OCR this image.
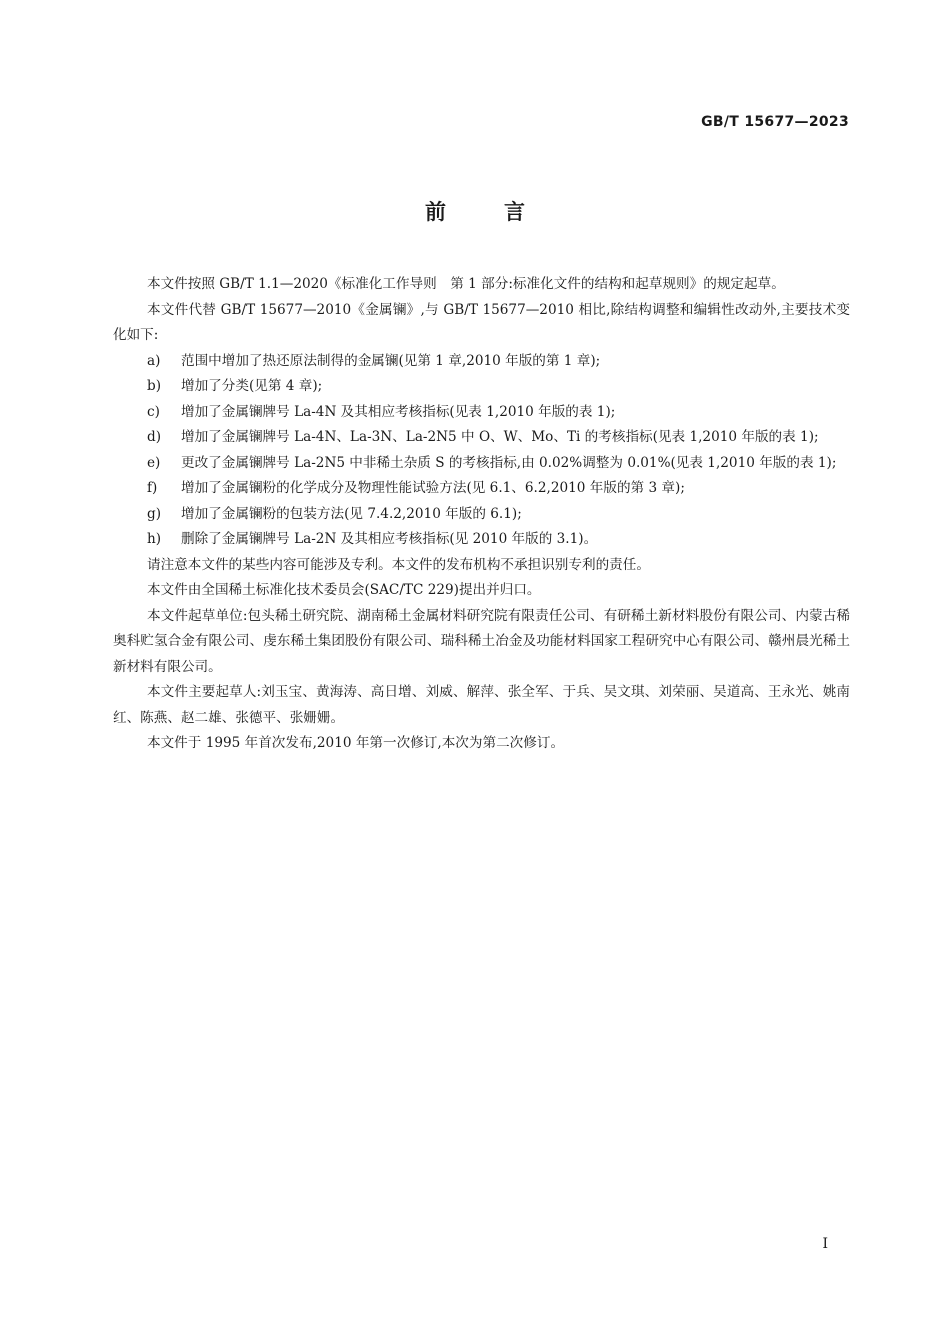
GB/T 15677—2023
前言

本文件按照 GB/T 1.1—2020《标准化工作导则　第 1 部分:标准化文件的结构和起草规则》的规定起草。

本文件代替 GB/T 15677—2010《金属镧》,与 GB/T 15677—2010 相比,除结构调整和编辑性改动外,主要技术变化如下:

a) 范围中增加了热还原法制得的金属镧(见第 1 章,2010 年版的第 1 章);

b) 增加了分类(见第 4 章);

c) 增加了金属镧牌号 La-4N 及其相应考核指标(见表 1,2010 年版的表 1);

d) 增加了金属镧牌号 La-4N、La-3N、La-2N5 中 O、W、Mo、Ti 的考核指标(见表 1,2010 年版的表 1);

e) 更改了金属镧牌号 La-2N5 中非稀土杂质 S 的考核指标,由 0.02%调整为 0.01%(见表 1,2010 年版的表 1);

f) 增加了金属镧粉的化学成分及物理性能试验方法(见 6.1、6.2,2010 年版的第 3 章);

g) 增加了金属镧粉的包装方法(见 7.4.2,2010 年版的 6.1);

h) 删除了金属镧牌号 La-2N 及其相应考核指标(见 2010 年版的 3.1)。

请注意本文件的某些内容可能涉及专利。本文件的发布机构不承担识别专利的责任。

本文件由全国稀土标准化技术委员会(SAC/TC 229)提出并归口。

本文件起草单位:包头稀土研究院、湖南稀土金属材料研究院有限责任公司、有研稀土新材料股份有限公司、内蒙古稀奥科贮氢合金有限公司、虔东稀土集团股份有限公司、瑞科稀土冶金及功能材料国家工程研究中心有限公司、赣州晨光稀土新材料有限公司。

本文件主要起草人:刘玉宝、黄海涛、高日增、刘威、解萍、张全军、于兵、吴文琪、刘荣丽、吴道高、王永光、姚南红、陈燕、赵二雄、张德平、张姗姗。

本文件于 1995 年首次发布,2010 年第一次修订,本次为第二次修订。

I
